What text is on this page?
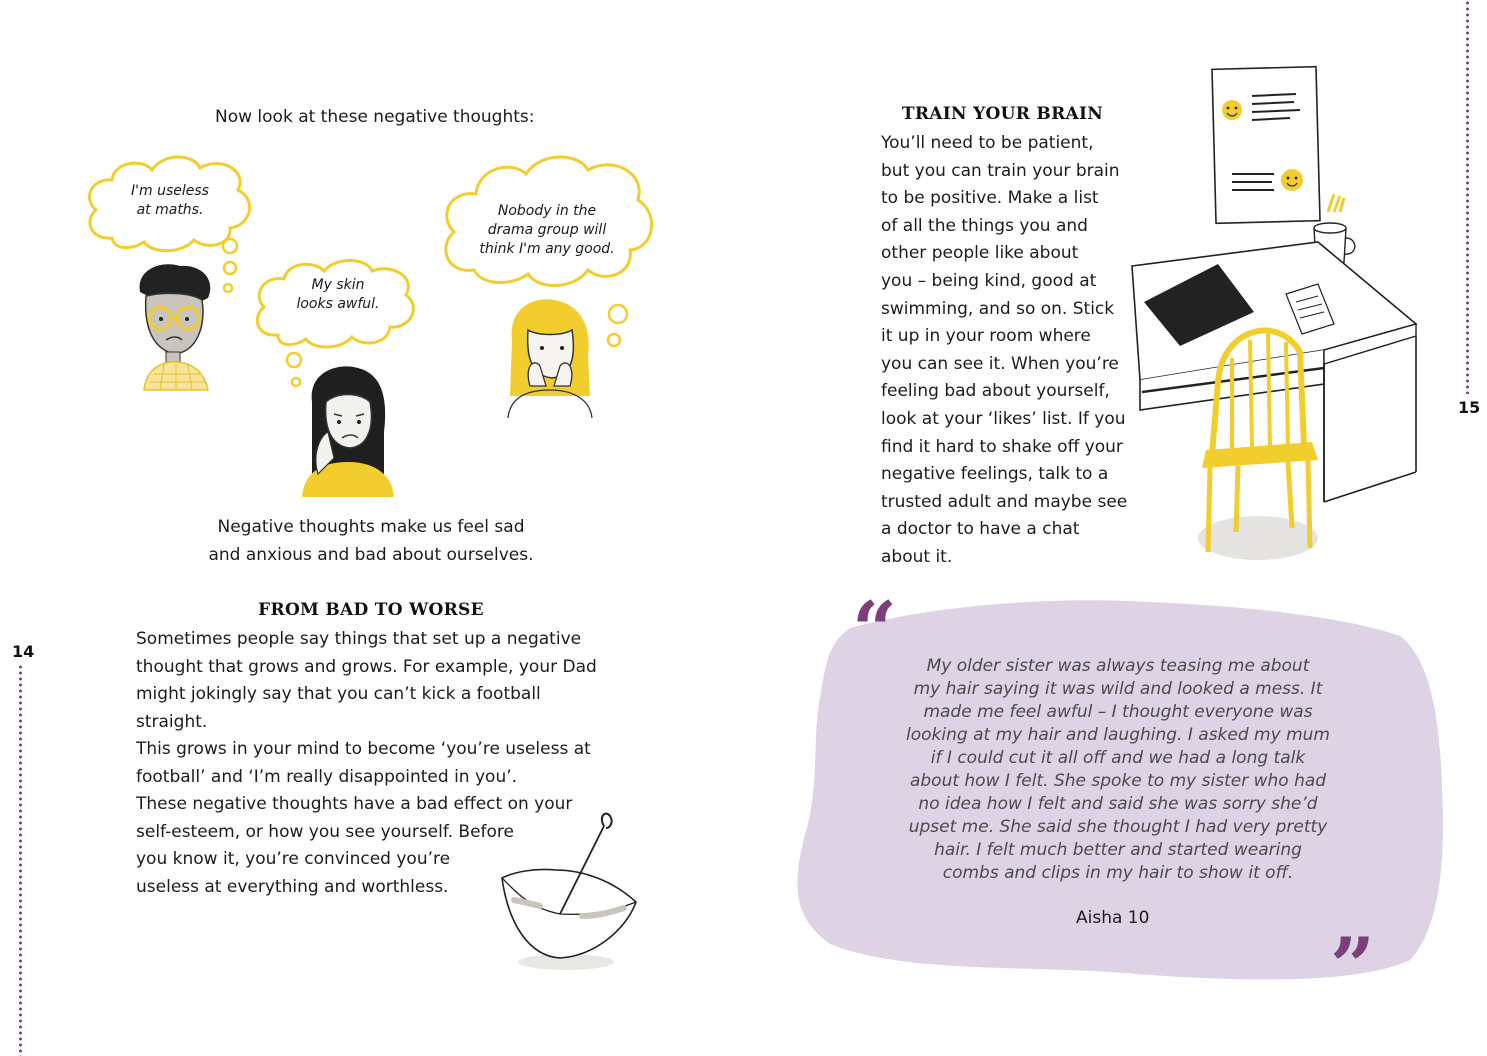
Now look at these negative thoughts:
I'm useless
at maths.
My skin
looks awful.
Nobody in the
drama group will
think I'm any good.
Negative thoughts make us feel sad
and anxious and bad about ourselves.
FROM BAD TO WORSE
Sometimes people say things that set up a negative
thought that grows and grows. For example, your Dad
might jokingly say that you can’t kick a football straight.
This grows in your mind to become ‘you’re useless at
football’ and ‘I’m really disappointed in you’.
These negative thoughts have a bad effect on your
self-esteem, or how you see yourself. Before
you know it, you’re convinced you’re
useless at everything and worthless.
14
TRAIN YOUR BRAIN
You’ll need to be patient,
but you can train your brain
to be positive. Make a list
of all the things you and
other people like about
you – being kind, good at
swimming, and so on. Stick
it up in your room where
you can see it. When you’re
feeling bad about yourself,
look at your ‘likes’ list. If you
find it hard to shake off your
negative feelings, talk to a
trusted adult and maybe see
a doctor to have a chat
about it.
“	My older sister was always teasing me about
my hair saying it was wild and looked a mess. It
made me feel awful – I thought everyone was
looking at my hair and laughing. I asked my mum
if I could cut it all off and we had a long talk
about how I felt. She spoke to my sister who had
no idea how I felt and said she was sorry she’d
upset me. She said she thought I had very pretty
hair. I felt much better and started wearing
combs and clips in my hair to show it off.
Aisha 10
”
15
